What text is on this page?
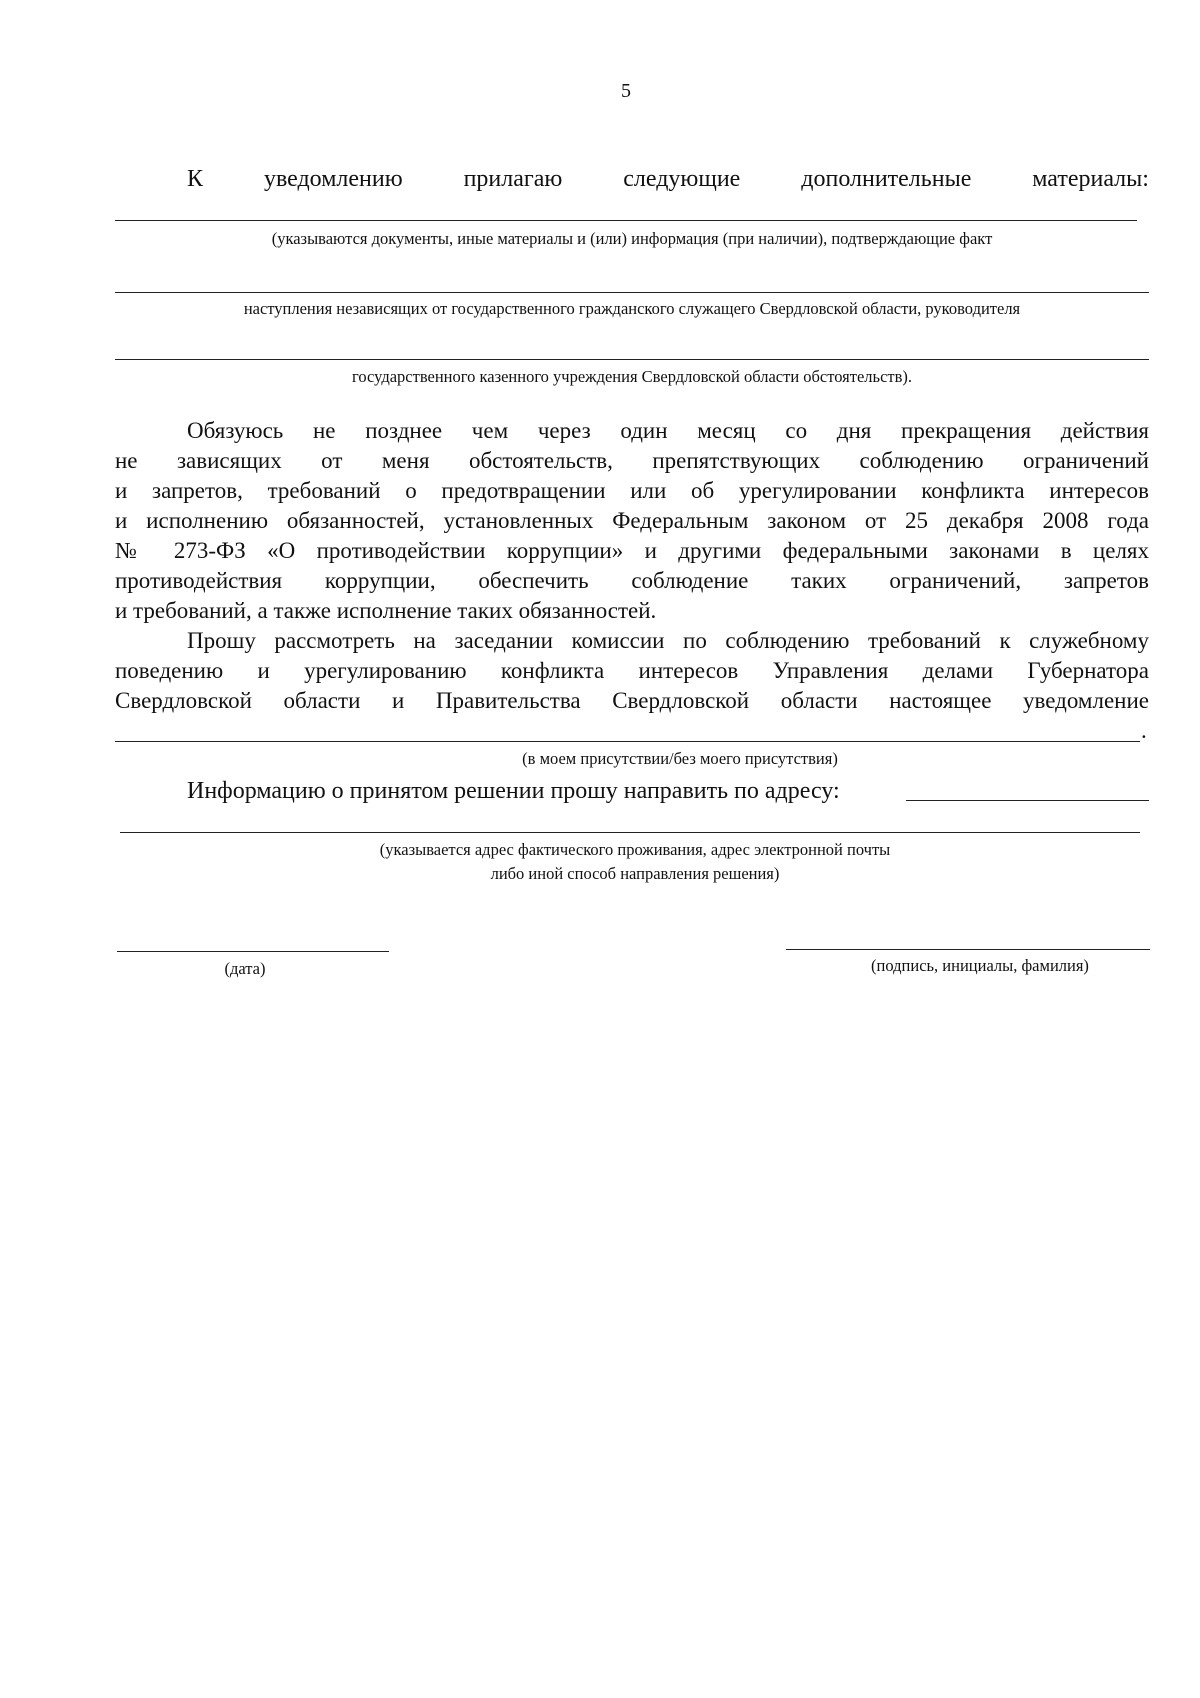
5
К	уведомлению	прилагаю	следующие	дополнительные	материалы:
(указываются документы, иные материалы и (или) информация (при наличии), подтверждающие факт
наступления независящих от государственного гражданского служащего Свердловской области, руководителя
государственного казенного учреждения Свердловской области обстоятельств).
Обязуюсь не позднее чем через один месяц со дня прекращения действия
не зависящих от меня обстоятельств, препятствующих соблюдению ограничений
и запретов, требований о предотвращении или об урегулировании конфликта интересов
и исполнению обязанностей, установленных Федеральным законом от 25 декабря 2008 года
№ 273-ФЗ «О противодействии коррупции» и другими федеральными законами в целях
противодействия коррупции, обеспечить соблюдение таких ограничений, запретов
и требований, а также исполнение таких обязанностей.
Прошу рассмотреть на заседании комиссии по соблюдению требований к служебному
поведению и урегулированию конфликта интересов Управления делами Губернатора
Свердловской области и Правительства Свердловской области настоящее уведомление
.
(в моем присутствии/без моего присутствия)
Информацию о принятом решении прошу направить по адресу:
(указывается адрес фактического проживания, адрес электронной почты
либо иной способ направления решения)
(дата)	(подпись, инициалы, фамилия)
